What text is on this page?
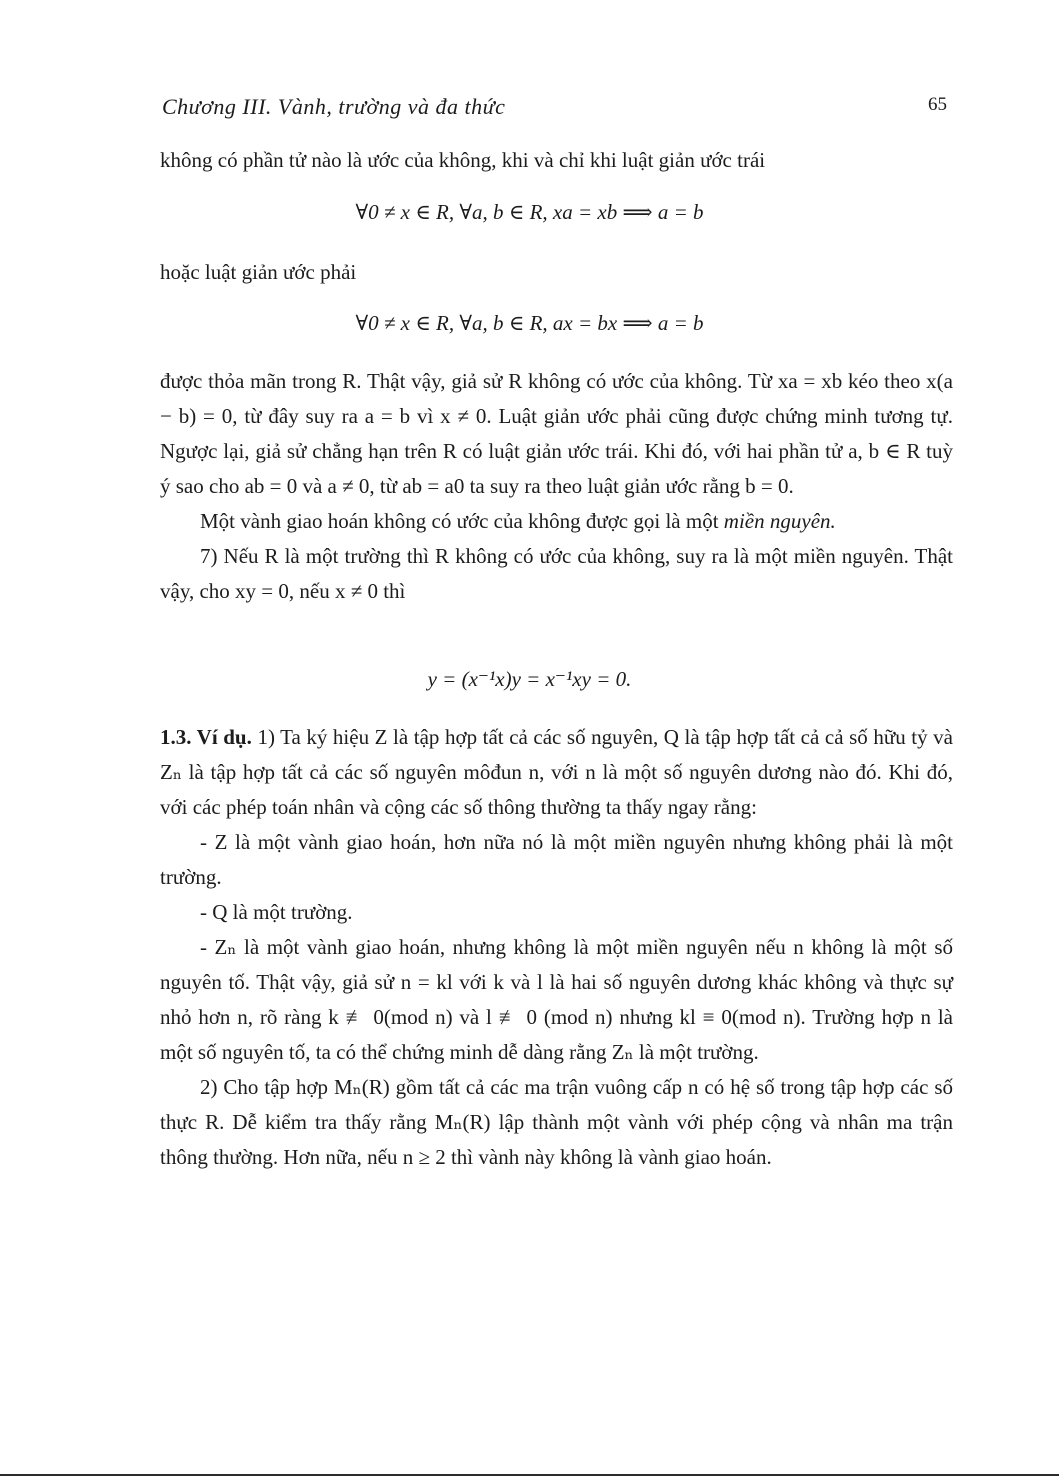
Chương III. Vành, trường và đa thức	65

không có phần tử nào là ước của không, khi và chỉ khi luật giản ước trái

∀0 ≠ x ∈ R, ∀a, b ∈ R, xa = xb ⟹ a = b

hoặc luật giản ước phải

∀0 ≠ x ∈ R, ∀a, b ∈ R, ax = bx ⟹ a = b

được thỏa mãn trong R. Thật vậy, giả sử R không có ước của không. Từ xa = xb kéo theo x(a − b) = 0, từ đây suy ra a = b vì x ≠ 0. Luật giản ước phải cũng được chứng minh tương tự. Ngược lại, giả sử chẳng hạn trên R có luật giản ước trái. Khi đó, với hai phần tử a, b ∈ R tuỳ ý sao cho ab = 0 và a ≠ 0, từ ab = a0 ta suy ra theo luật giản ước rằng b = 0.

Một vành giao hoán không có ước của không được gọi là một miền nguyên.

7) Nếu R là một trường thì R không có ước của không, suy ra là một miền nguyên. Thật vậy, cho xy = 0, nếu x ≠ 0 thì

y = (x⁻¹x)y = x⁻¹xy = 0.

1.3. Ví dụ. 1) Ta ký hiệu Z là tập hợp tất cả các số nguyên, Q là tập hợp tất cả cả số hữu tỷ và Zₙ là tập hợp tất cả các số nguyên môđun n, với n là một số nguyên dương nào đó. Khi đó, với các phép toán nhân và cộng các số thông thường ta thấy ngay rằng:

- Z là một vành giao hoán, hơn nữa nó là một miền nguyên nhưng không phải là một trường.

- Q là một trường.

- Zₙ là một vành giao hoán, nhưng không là một miền nguyên nếu n không là một số nguyên tố. Thật vậy, giả sử n = kl với k và l là hai số nguyên dương khác không và thực sự nhỏ hơn n, rõ ràng k ≢ 0(mod n) và l ≢ 0 (mod n) nhưng kl ≡ 0(mod n). Trường hợp n là một số nguyên tố, ta có thể chứng minh dễ dàng rằng Zₙ là một trường.

2) Cho tập hợp Mₙ(R) gồm tất cả các ma trận vuông cấp n có hệ số trong tập hợp các số thực R. Dễ kiểm tra thấy rằng Mₙ(R) lập thành một vành với phép cộng và nhân ma trận thông thường. Hơn nữa, nếu n ≥ 2 thì vành này không là vành giao hoán.
